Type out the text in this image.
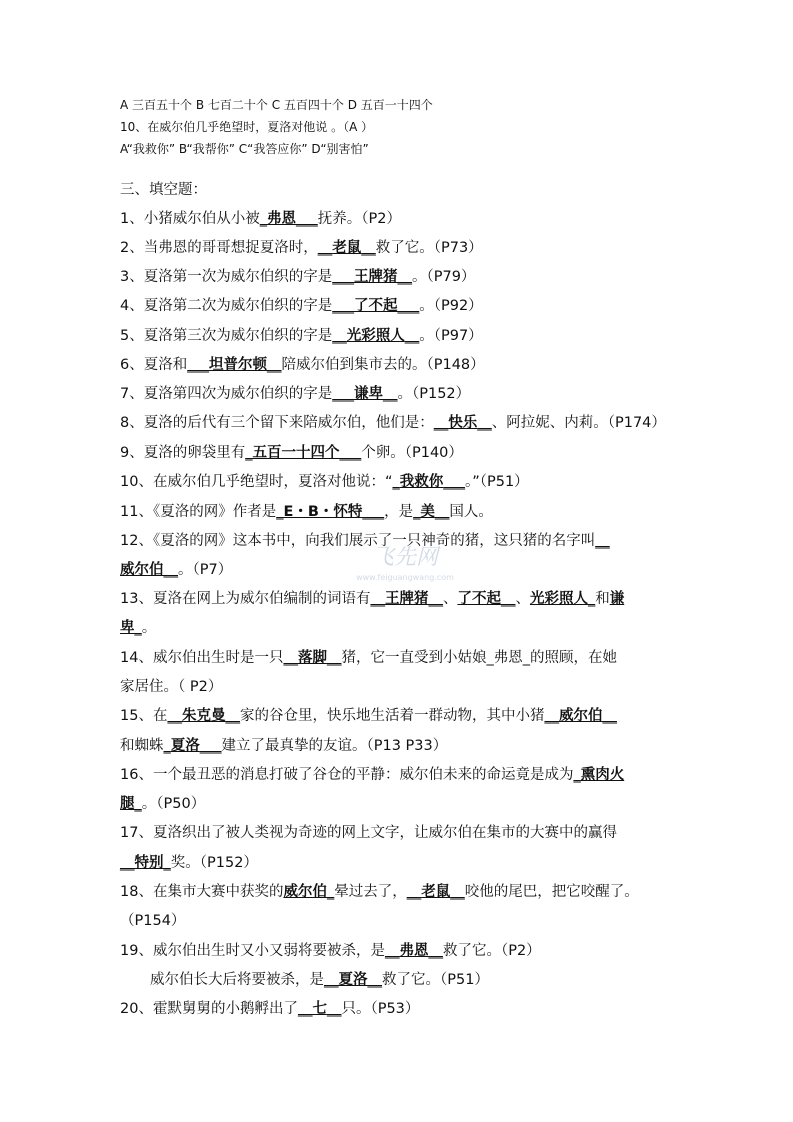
A 三百五十个 B 七百二十个 C 五百四十个 D 五百一十四个
10、在威尔伯几乎绝望时，夏洛对他说 。（A ）
A“我救你” B“我帮你” C“我答应你” D“别害怕”
三、填空题：
1、小猪威尔伯从小被_弗恩___抚养。（P2）
2、当弗恩的哥哥想捉夏洛时，__老鼠__救了它。（P73）
3、夏洛第一次为威尔伯织的字是___王牌猪__。（P79）
4、夏洛第二次为威尔伯织的字是___了不起___。（P92）
5、夏洛第三次为威尔伯织的字是__光彩照人__。（P97）
6、夏洛和___坦普尔顿__陪威尔伯到集市去的。（P148）
7、夏洛第四次为威尔伯织的字是___谦卑__。（P152）
8、夏洛的后代有三个留下来陪威尔伯，他们是：__快乐__、阿拉妮、内莉。（P174）
9、夏洛的卵袋里有_五百一十四个___个卵。（P140）
10、在威尔伯几乎绝望时，夏洛对他说：“_我救你___。”（P51）
11、《夏洛的网》作者是_E・B・怀特___，是_美__国人。
12、《夏洛的网》这本书中，向我们展示了一只神奇的猪，这只猪的名字叫__
威尔伯__。（P7）
13、夏洛在网上为威尔伯编制的词语有__王牌猪__、了不起__、光彩照人_和谦
卑_。
14、威尔伯出生时是一只__落脚__猪，它一直受到小姑娘_弗恩_的照顾，在她
家居住。（ P2）
15、在__朱克曼__家的谷仓里，快乐地生活着一群动物，其中小猪__威尔伯__
和蜘蛛_夏洛___建立了最真挚的友谊。（P13 P33）
16、一个最丑恶的消息打破了谷仓的平静：威尔伯未来的命运竟是成为_熏肉火
腿_。（P50）
17、夏洛织出了被人类视为奇迹的网上文字，让威尔伯在集市的大赛中的赢得
__特别_奖。（P152）
18、在集市大赛中获奖的威尔伯_晕过去了，__老鼠__咬他的尾巴，把它咬醒了。
（P154）
19、威尔伯出生时又小又弱将要被杀，是__弗恩__救了它。（P2）
威尔伯长大后将要被杀，是__夏洛__救了它。（P51）
20、霍默舅舅的小鹅孵出了__七__只。（P53）
飞先网
www.feiguangwang.com
